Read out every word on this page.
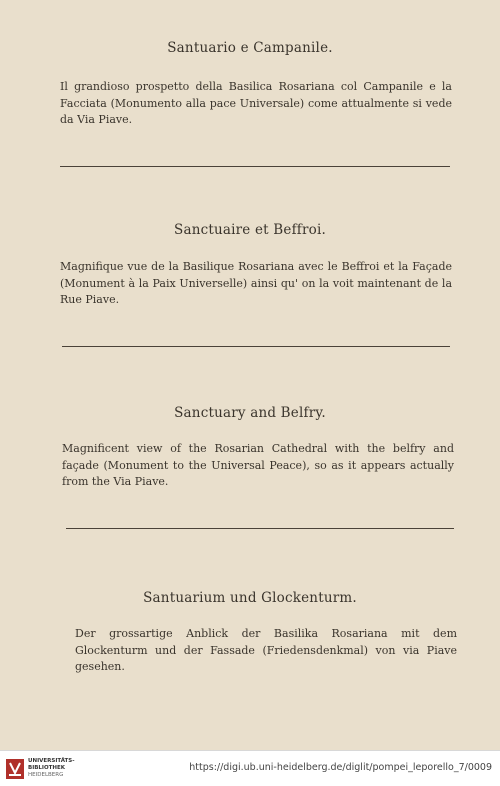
Santuario e Campanile.

Il grandioso prospetto della Basilica Rosariana col Campanile e la Facciata (Monumento alla pace Universale) come attualmente si vede da Via Piave.

Sanctuaire et Beffroi.

Magnifique vue de la Basilique Rosariana avec le Beffroi et la Façade (Monument à la Paix Universelle) ainsi qu' on la voit maintenant de la Rue Piave.

Sanctuary and Belfry.

Magnificent view of the Rosarian Cathedral with the belfry and façade (Monument to the Universal Peace), so as it appears actually from the Via Piave.

Santuarium und Glockenturm.

Der grossartige Anblick der Basilika Rosariana mit dem Glockenturm und der Fassade (Friedensdenkmal) von via Piave gesehen.

UNIVERSITÄTS-
BIBLIOTHEK
HEIDELBERG
https://digi.ub.uni-heidelberg.de/diglit/pompei_leporello_7/0009
